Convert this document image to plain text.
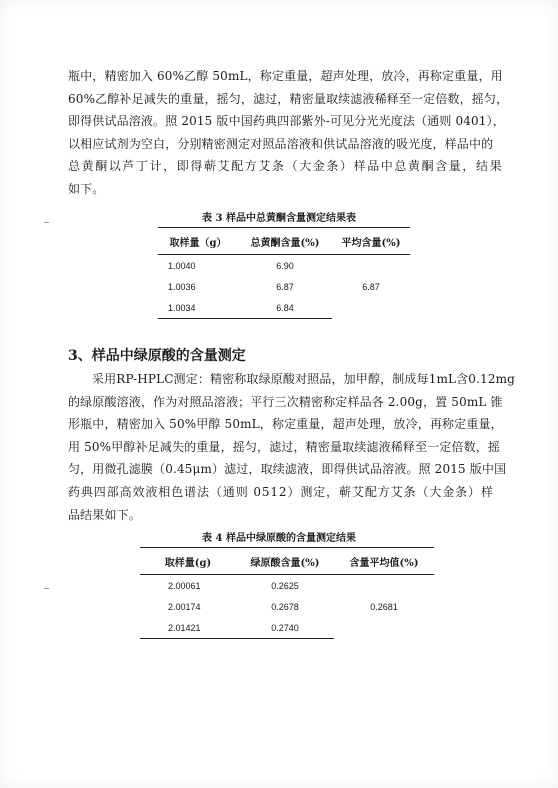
瓶中，精密加入 60%乙醇 50mL，称定重量，超声处理，放冷，再称定重量，用
60%乙醇补足减失的重量，摇匀，滤过，精密量取续滤液稀释至一定倍数，摇匀，
即得供试品溶液。照 2015 版中国药典四部紫外-可见分光光度法（通则 0401），
以相应试剂为空白，分别精密测定对照品溶液和供试品溶液的吸光度，样品中的
总黄酮以芦丁计，即得蕲艾配方艾条（大金条）样品中总黄酮含量，结果
如下。
表 3 样品中总黄酮含量测定结果表
取样量（g）	总黄酮含量(%)	平均含量(%)
1.0040	6.90	6.87
1.0036	6.87	
1.0034	6.84	
3、样品中绿原酸的含量测定
采用RP-HPLC测定：精密称取绿原酸对照品，加甲醇，制成每1mL含0.12mg
的绿原酸溶液，作为对照品溶液；平行三次精密称定样品各 2.00g，置 50mL 锥
形瓶中，精密加入 50%甲醇 50mL，称定重量，超声处理，放冷，再称定重量，
用 50%甲醇补足减失的重量，摇匀，滤过，精密量取续滤液稀释至一定倍数，摇
匀，用微孔滤膜（0.45μm）滤过，取续滤液，即得供试品溶液。照 2015 版中国
药典四部高效液相色谱法（通则 0512）测定，蕲艾配方艾条（大金条）样
品结果如下。
表 4 样品中绿原酸的含量测定结果
取样量(g)	绿原酸含量(%)	含量平均值(%)
2.00061	0.2625	0.2681
2.00174	0.2678	
2.01421	0.2740	
